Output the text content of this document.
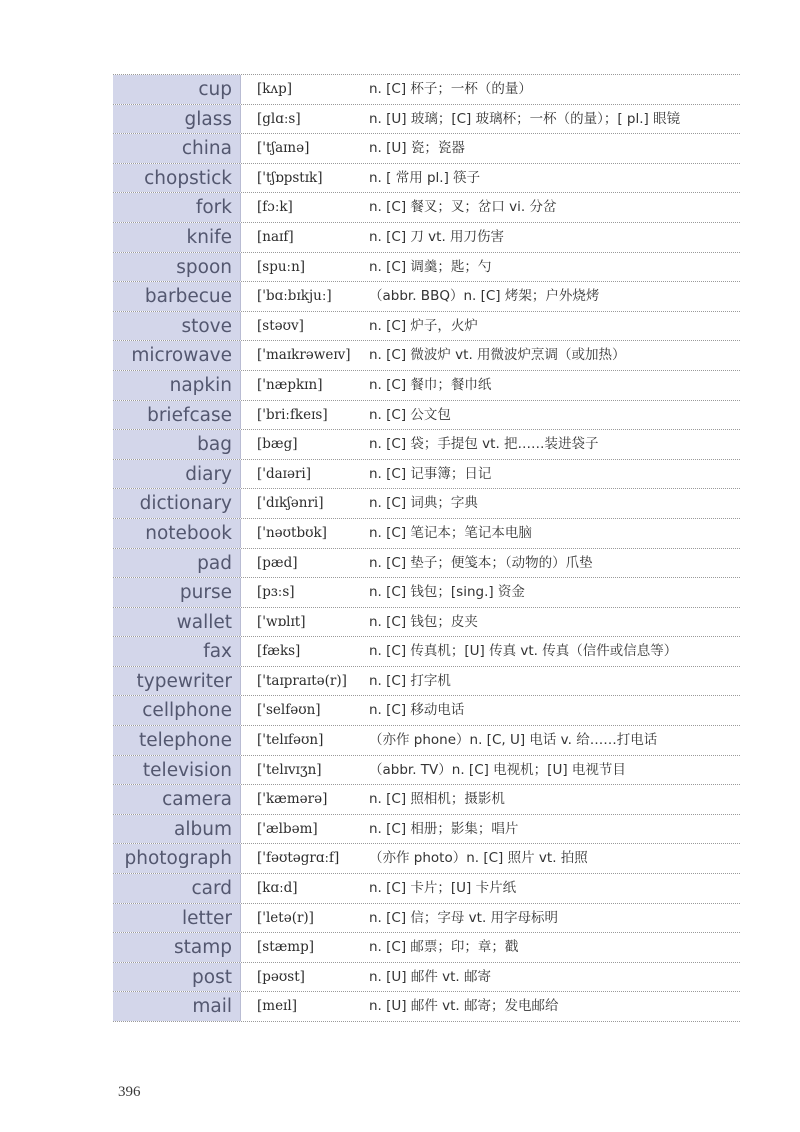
cup	[kʌp]	n. [C] 杯子；一杯（的量）
glass	[glɑːs]	n. [U] 玻璃；[C] 玻璃杯；一杯（的量）；[ pl.] 眼镜
china	['tʃaɪnə]	n. [U] 瓷；瓷器
chopstick	['tʃɒpstɪk]	n. [ 常用 pl.] 筷子
fork	[fɔːk]	n. [C] 餐叉；叉；岔口 vi. 分岔
knife	[naɪf]	n. [C] 刀 vt. 用刀伤害
spoon	[spuːn]	n. [C] 调羹；匙；勺
barbecue	['bɑːbɪkjuː]	（abbr. BBQ）n. [C] 烤架；户外烧烤
stove	[stəʊv]	n. [C] 炉子，火炉
microwave	['maɪkrəweɪv]	n. [C] 微波炉 vt. 用微波炉烹调（或加热）
napkin	['næpkɪn]	n. [C] 餐巾；餐巾纸
briefcase	['briːfkeɪs]	n. [C] 公文包
bag	[bæg]	n. [C] 袋；手提包 vt. 把……装进袋子
diary	['daɪəri]	n. [C] 记事簿；日记
dictionary	['dɪkʃənri]	n. [C] 词典；字典
notebook	['nəʊtbʊk]	n. [C] 笔记本；笔记本电脑
pad	[pæd]	n. [C] 垫子；便笺本；（动物的）爪垫
purse	[pɜːs]	n. [C] 钱包；[sing.] 资金
wallet	['wɒlɪt]	n. [C] 钱包；皮夹
fax	[fæks]	n. [C] 传真机；[U] 传真 vt. 传真（信件或信息等）
typewriter	['taɪpraɪtə(r)]	n. [C] 打字机
cellphone	['selfəʊn]	n. [C] 移动电话
telephone	['telɪfəʊn]	（亦作 phone）n. [C, U] 电话 v. 给……打电话
television	['telɪvɪʒn]	（abbr. TV）n. [C] 电视机；[U] 电视节目
camera	['kæmərə]	n. [C] 照相机；摄影机
album	['ælbəm]	n. [C] 相册；影集；唱片
photograph	['fəʊtəgrɑːf]	（亦作 photo）n. [C] 照片 vt. 拍照
card	[kɑːd]	n. [C] 卡片；[U] 卡片纸
letter	['letə(r)]	n. [C] 信；字母 vt. 用字母标明
stamp	[stæmp]	n. [C] 邮票；印；章；戳
post	[pəʊst]	n. [U] 邮件 vt. 邮寄
mail	[meɪl]	n. [U] 邮件 vt. 邮寄；发电邮给
396
